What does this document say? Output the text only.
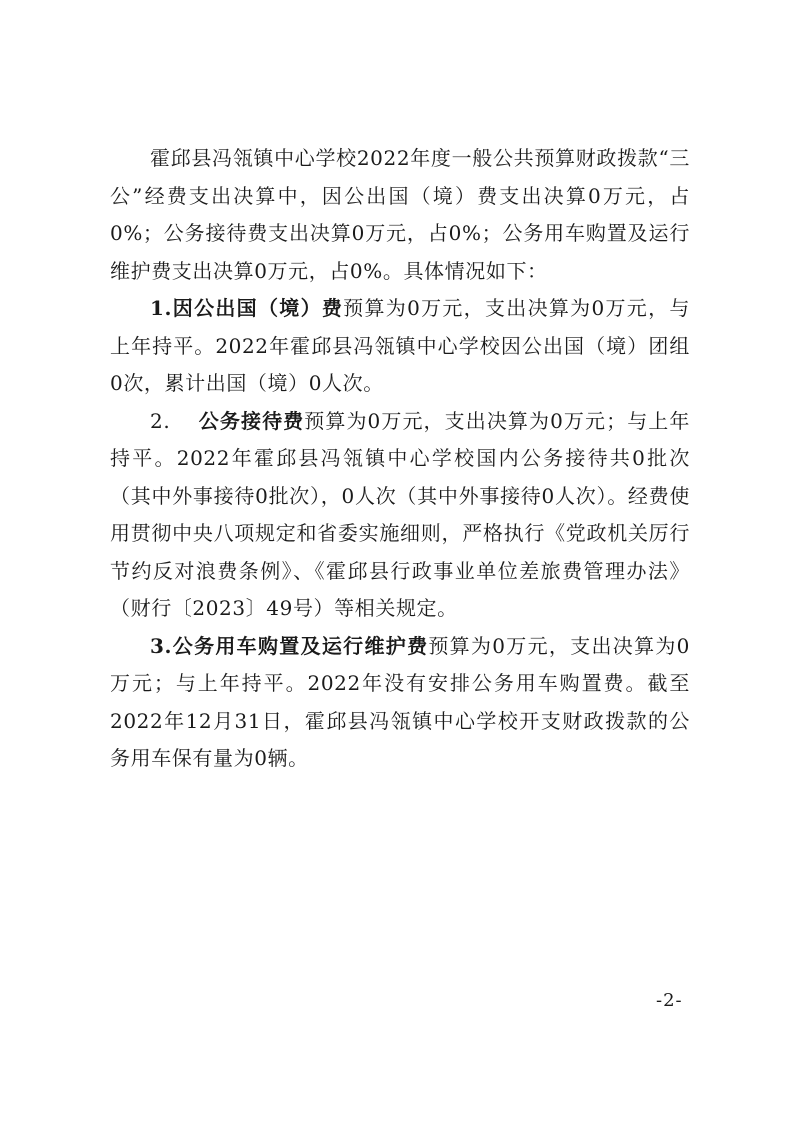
霍邱县冯瓴镇中心学校2022年度一般公共预算财政拨款“三公”经费支出决算中，因公出国（境）费支出决算0万元，占0%；公务接待费支出决算0万元，占0%；公务用车购置及运行维护费支出决算0万元，占0%。具体情况如下：

1.因公出国（境）费预算为0万元，支出决算为0万元，与上年持平。2022年霍邱县冯瓴镇中心学校因公出国（境）团组0次，累计出国（境）0人次。

2. 公务接待费预算为0万元，支出决算为0万元；与上年持平。2022年霍邱县冯瓴镇中心学校国内公务接待共0批次（其中外事接待0批次），0人次（其中外事接待0人次）。经费使用贯彻中央八项规定和省委实施细则，严格执行《党政机关厉行节约反对浪费条例》、《霍邱县行政事业单位差旅费管理办法》（财行〔2023〕49号）等相关规定。

3.公务用车购置及运行维护费预算为0万元，支出决算为0万元；与上年持平。2022年没有安排公务用车购置费。截至2022年12月31日，霍邱县冯瓴镇中心学校开支财政拨款的公务用车保有量为0辆。

-2-
